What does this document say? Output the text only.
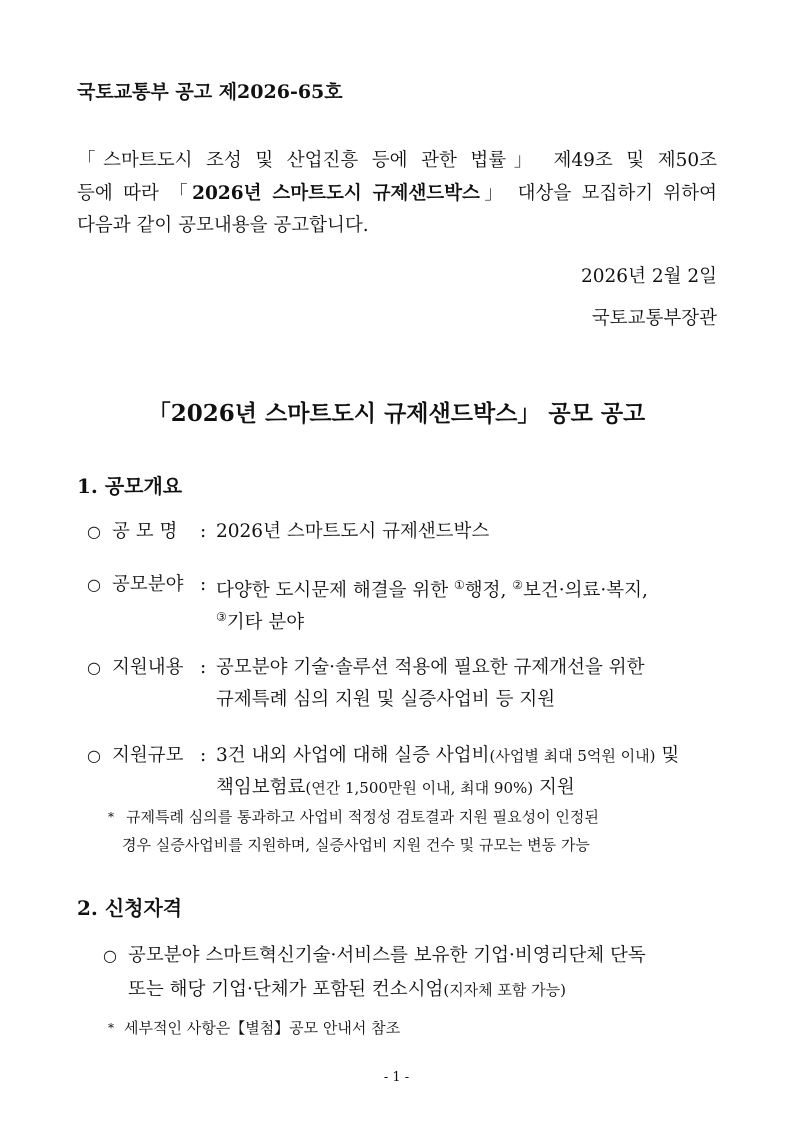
국토교통부 공고 제2026-65호
「스마트도시 조성 및 산업진흥 등에 관한 법률」 제49조 및 제50조
등에 따라 「2026년 스마트도시 규제샌드박스」 대상을 모집하기 위하여
다음과 같이 공모내용을 공고합니다.
2026년 2월 2일
국토교통부장관
「2026년 스마트도시 규제샌드박스」 공모 공고
1. 공모개요
○ 공 모 명 : 2026년 스마트도시 규제샌드박스
○ 공모분야 : 다양한 도시문제 해결을 위한 ①행정, ②보건·의료·복지,
③기타 분야
○ 지원내용 : 공모분야 기술·솔루션 적용에 필요한 규제개선을 위한
규제특례 심의 지원 및 실증사업비 등 지원
○ 지원규모 : 3건 내외 사업에 대해 실증 사업비(사업별 최대 5억원 이내) 및
책임보험료(연간 1,500만원 이내, 최대 90%) 지원
* 규제특례 심의를 통과하고 사업비 적정성 검토결과 지원 필요성이 인정된
경우 실증사업비를 지원하며, 실증사업비 지원 건수 및 규모는 변동 가능
2. 신청자격
○ 공모분야 스마트혁신기술·서비스를 보유한 기업·비영리단체 단독
또는 해당 기업·단체가 포함된 컨소시엄(지자체 포함 가능)
* 세부적인 사항은【별첨】공모 안내서 참조
- 1 -
